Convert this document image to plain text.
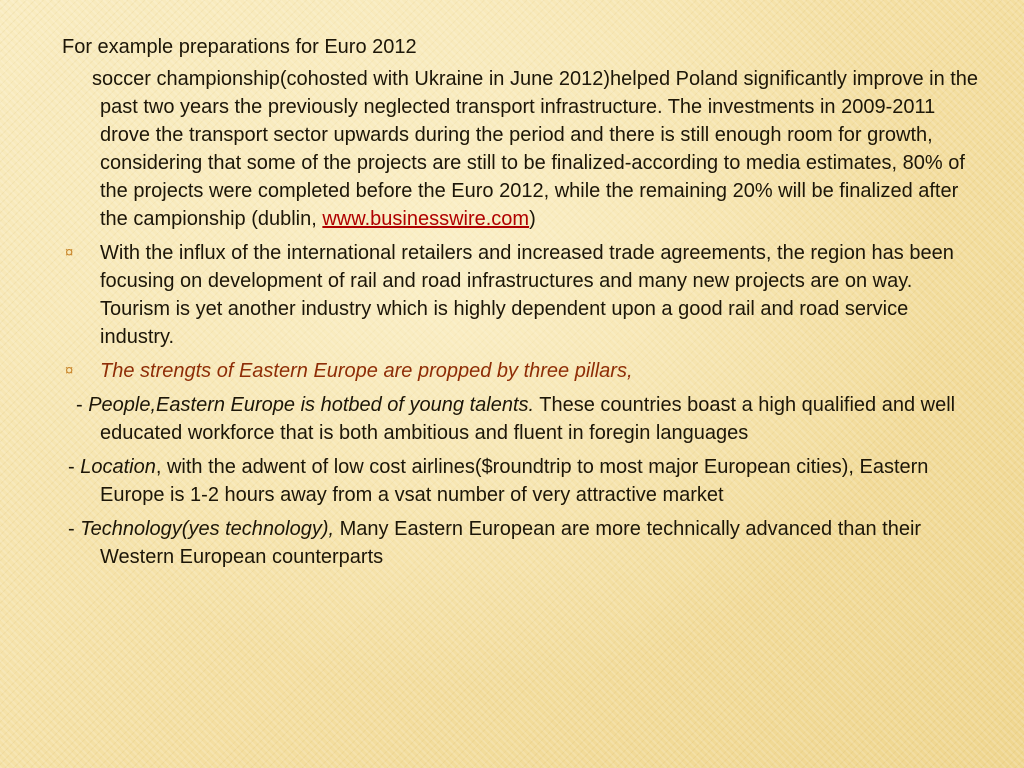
For example preparations for Euro 2012

soccer championship(cohosted with Ukraine in June 2012)helped Poland significantly improve in the past two years the previously neglected transport infrastructure. The investments in 2009-2011 drove the transport sector upwards during the period and there is still enough room for growth, considering that some of the projects are still to be finalized-according to media estimates, 80% of the projects were completed before the Euro 2012, while the remaining 20% will be finalized after the campionship (dublin, www.businesswire.com)

¤ With the influx of the international retailers and increased trade agreements, the region has been focusing on development of rail and road infrastructures and many new projects are on way. Tourism is yet another industry which is highly dependent upon a good rail and road service industry.
¤ The strengts of Eastern Europe are propped by three pillars,

- People,Eastern Europe is hotbed of young talents. These countries boast a high qualified and well educated workforce that is both ambitious and fluent in foregin languages

- Location, with the adwent of low cost airlines($roundtrip to most major European cities), Eastern Europe is 1-2 hours away from a vsat number of very attractive market

- Technology(yes technology), Many Eastern European are more technically advanced than their Western European counterparts
